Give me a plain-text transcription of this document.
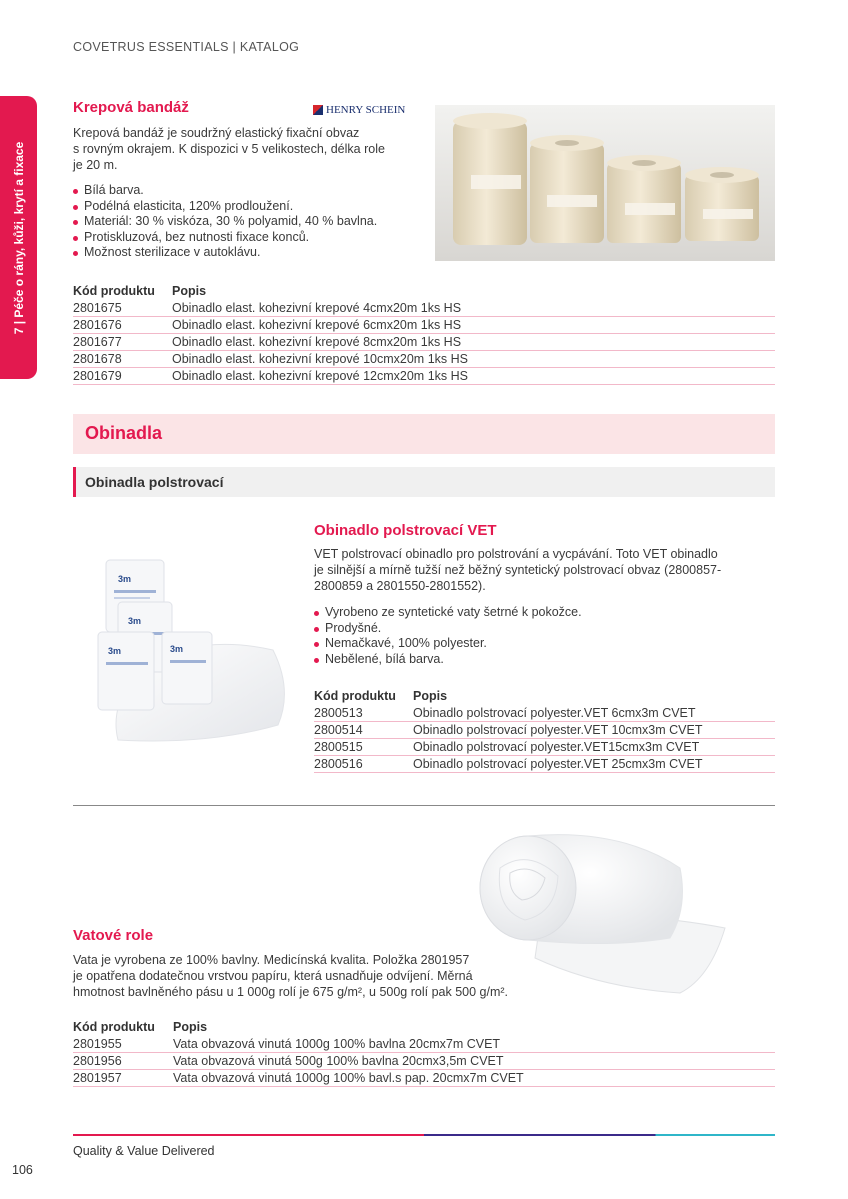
COVETRUS ESSENTIALS | KATALOG
7 | Péče o rány, kůži, krytí a fixace
Krepová bandáž	HENRY SCHEIN
Krepová bandáž je soudržný elastický fixační obvaz
s rovným okrajem. K dispozici v 5 velikostech, délka role
je 20 m.
Bílá barva.
Podélná elasticita, 120% prodloužení.
Materiál: 30 % viskóza, 30 % polyamid, 40 % bavlna.
Protiskluzová, bez nutnosti fixace konců.
Možnost sterilizace v autoklávu.
Kód produktu	Popis
2801675	Obinadlo elast. kohezivní krepové 4cmx20m 1ks HS
2801676	Obinadlo elast. kohezivní krepové 6cmx20m 1ks HS
2801677	Obinadlo elast. kohezivní krepové 8cmx20m 1ks HS
2801678	Obinadlo elast. kohezivní krepové 10cmx20m 1ks HS
2801679	Obinadlo elast. kohezivní krepové 12cmx20m 1ks HS
Obinadla
Obinadla polstrovací
3m
3m
3m	3m
Obinadlo polstrovací VET
VET polstrovací obinadlo pro polstrování a vycpávání. Toto VET obinadlo
je silnější a mírně tužší než běžný syntetický polstrovací obvaz (2800857-
2800859 a 2801550-2801552).
Vyrobeno ze syntetické vaty šetrné k pokožce.
Prodyšné.
Nemačkavé, 100% polyester.
Nebělené, bílá barva.
Kód produktu	Popis
2800513	Obinadlo polstrovací polyester.VET 6cmx3m CVET
2800514	Obinadlo polstrovací polyester.VET 10cmx3m CVET
2800515	Obinadlo polstrovací polyester.VET15cmx3m CVET
2800516	Obinadlo polstrovací polyester.VET 25cmx3m CVET
Vatové role
Vata je vyrobena ze 100% bavlny. Medicínská kvalita. Položka 2801957
je opatřena dodatečnou vrstvou papíru, která usnadňuje odvíjení. Měrná
hmotnost bavlněného pásu u 1 000g rolí je 675 g/m², u 500g rolí pak 500 g/m².
Kód produktu	Popis
2801955	Vata obvazová vinutá 1000g 100% bavlna 20cmx7m CVET
2801956	Vata obvazová vinutá 500g 100% bavlna 20cmx3,5m CVET
2801957	Vata obvazová vinutá 1000g 100% bavl.s pap. 20cmx7m CVET
Quality & Value Delivered
106
